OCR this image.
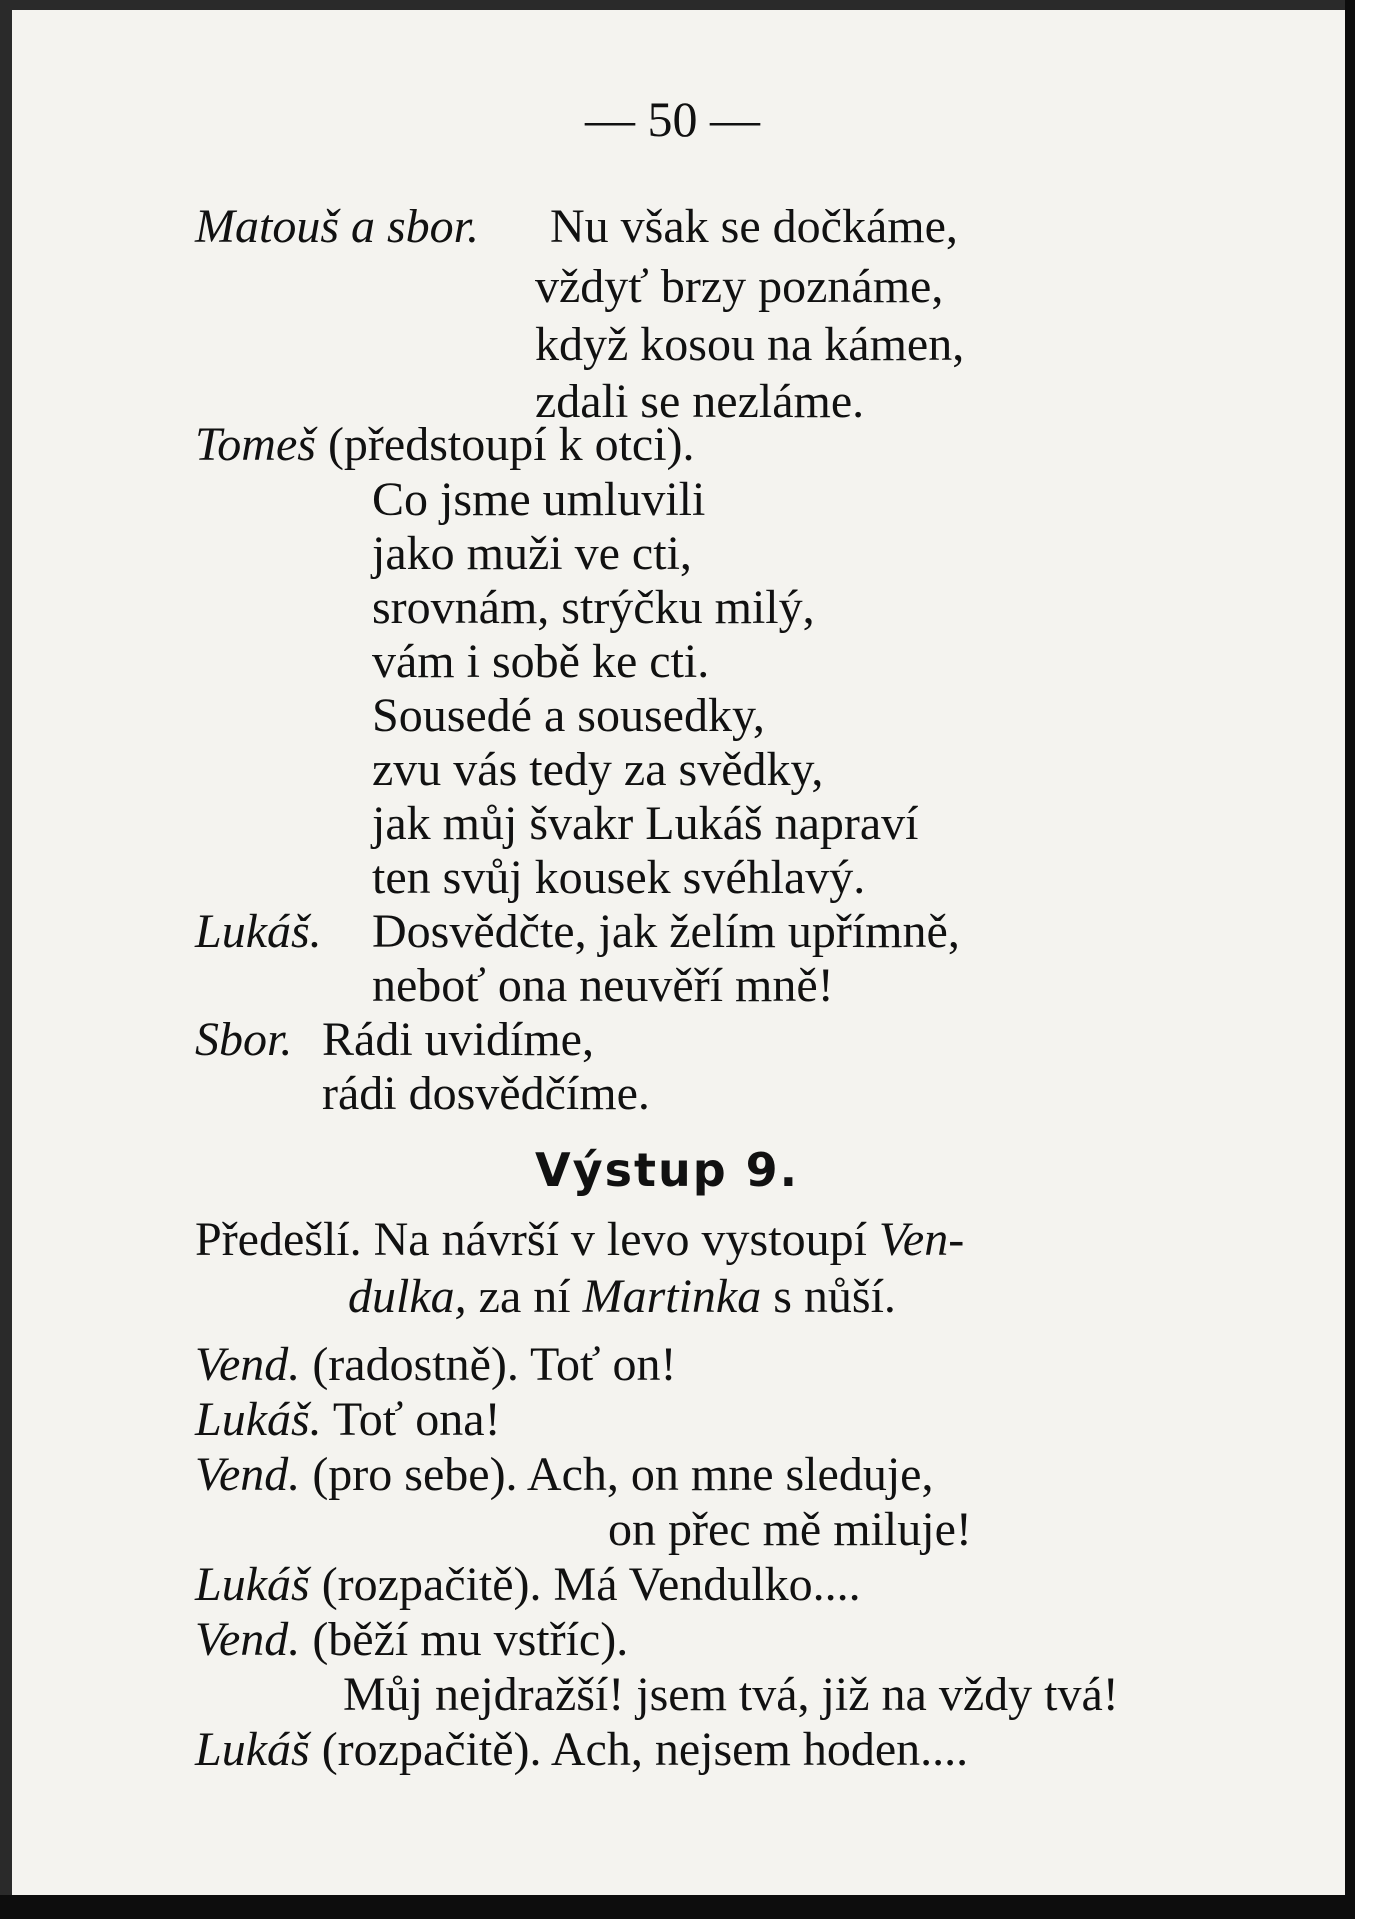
— 50 —
Matouš a sbor. Nu však se dočkáme,
vždyť brzy poznáme,
když kosou na kámen,
zdali se nezláme.
Tomeš (předstoupí k otci).
Co jsme umluvili
jako muži ve cti,
srovnám, strýčku milý,
vám i sobě ke cti.
Sousedé a sousedky,
zvu vás tedy za svědky,
jak můj švakr Lukáš napraví
ten svůj kousek svéhlavý.
Lukáš. Dosvědčte, jak želím upřímně,
neboť ona neuvěří mně!
Sbor. Rádi uvidíme,
rádi dosvědčíme.
Výstup 9.
Předešlí. Na návrší v levo vystoupí Ven-
dulka, za ní Martinka s nůší.
Vend. (radostně). Toť on!
Lukáš. Toť ona!
Vend. (pro sebe). Ach, on mne sleduje,
on přec mě miluje!
Lukáš (rozpačitě). Má Vendulko....
Vend. (běží mu vstříc).
Můj nejdražší! jsem tvá, již na vždy tvá!
Lukáš (rozpačitě). Ach, nejsem hoden....
